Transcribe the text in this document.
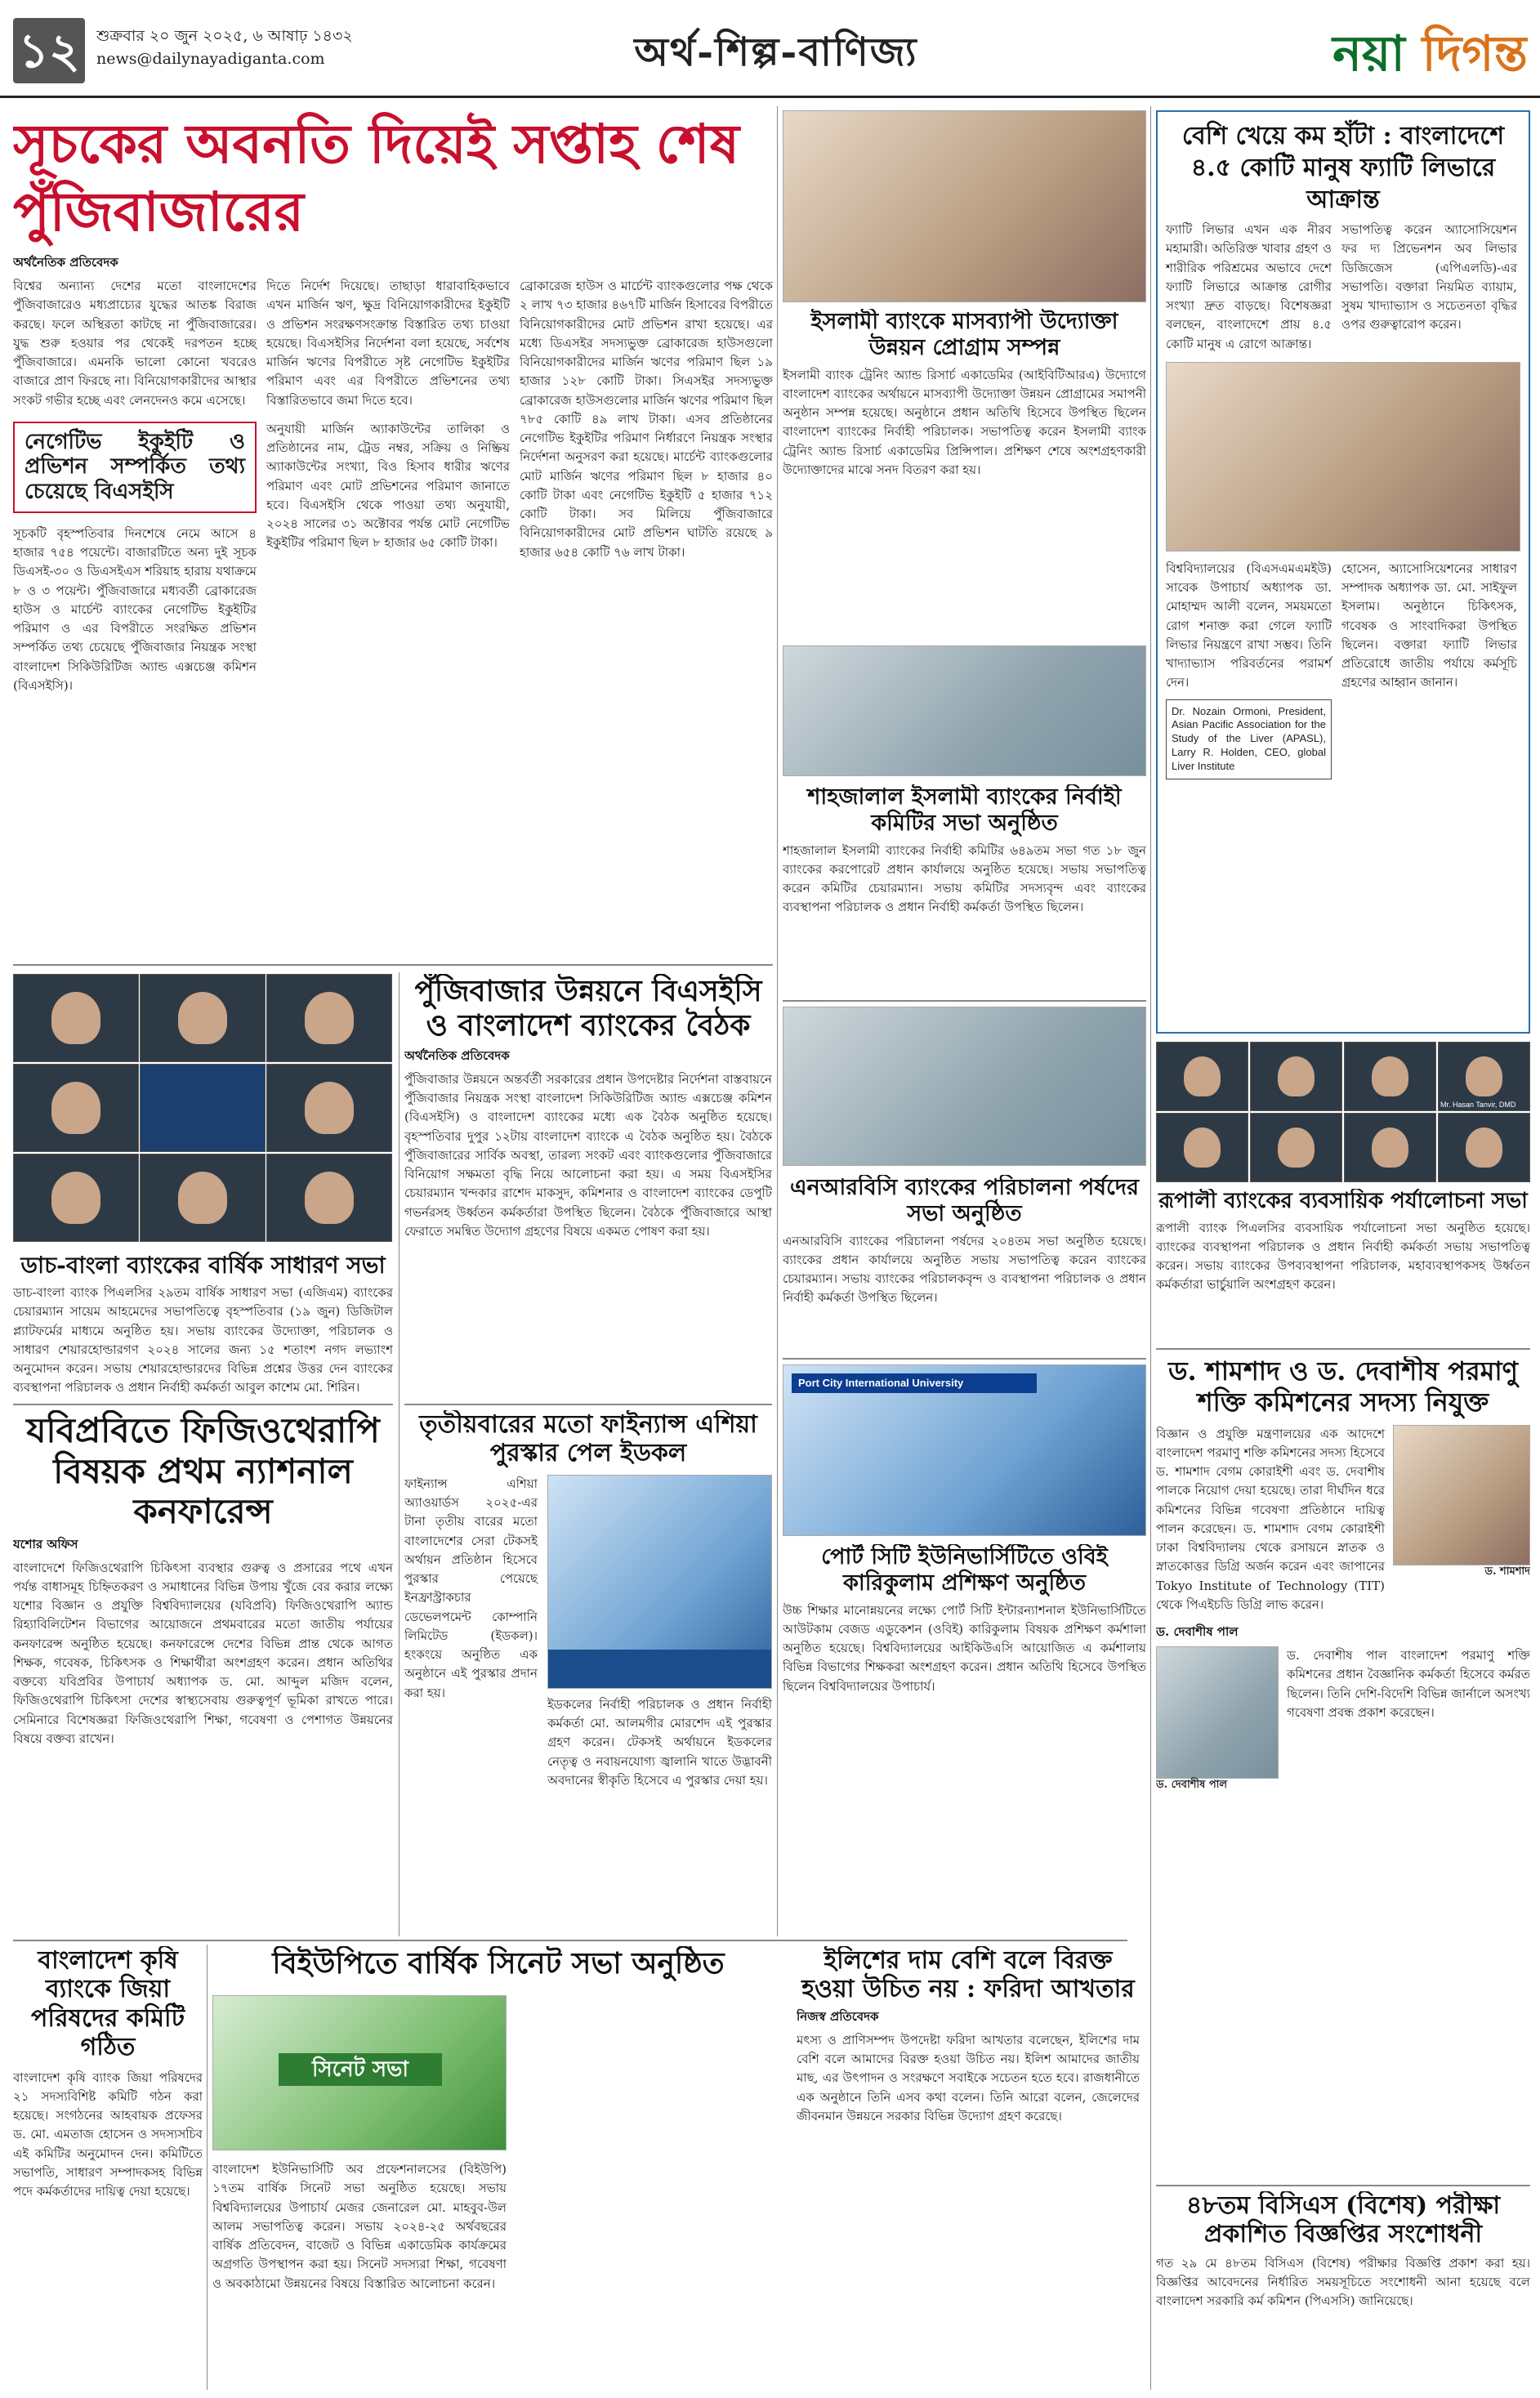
১২	শুক্রবার ২০ জুন ২০২৫, ৬ আষাঢ় ১৪৩২
news@dailynayadiganta.com	অর্থ-শিল্প-বাণিজ্য	নয়া দিগন্ত
সূচকের অবনতি দিয়েই সপ্তাহ শেষ পুঁজিবাজারের
অর্থনৈতিক প্রতিবেদক
বিশ্বের অন্যান্য দেশের মতো বাংলাদেশের পুঁজিবাজারেও মধ্যপ্রাচ্যের যুদ্ধের আতঙ্ক বিরাজ করছে। ফলে অস্থিরতা কাটছে না পুঁজিবাজারের। যুদ্ধ শুরু হওয়ার পর থেকেই দরপতন হচ্ছে পুঁজিবাজারে। এমনকি ভালো কোনো খবরেও বাজারে প্রাণ ফিরছে না। বিনিয়োগকারীদের আস্থার সংকট গভীর হচ্ছে এবং লেনদেনও কমে এসেছে।
নেগেটিভ ইকুইটি ও প্রভিশন সম্পর্কিত তথ্য চেয়েছে বিএসইসি
সূচকটি বৃহস্পতিবার দিনশেষে নেমে আসে ৪ হাজার ৭৫৪ পয়েন্টে। বাজারটিতে অন্য দুই সূচক ডিএসই-৩০ ও ডিএসইএস শরিয়াহ হারায় যথাক্রমে ৮ ও ৩ পয়েন্ট। পুঁজিবাজারে মধ্যবর্তী ব্রোকারেজ হাউস ও মার্চেন্ট ব্যাংকের নেগেটিভ ইকুইটির পরিমাণ ও এর বিপরীতে সংরক্ষিত প্রভিশন সম্পর্কিত তথ্য চেয়েছে পুঁজিবাজার নিয়ন্ত্রক সংস্থা বাংলাদেশ সিকিউরিটিজ অ্যান্ড এক্সচেঞ্জ কমিশন (বিএসইসি)।
দিতে নির্দেশ দিয়েছে। তাছাড়া ধারাবাহিকভাবে এখন মার্জিন ঋণ, ক্ষুদ্র বিনিয়োগকারীদের ইকুইটি ও প্রভিশন সংরক্ষণসংক্রান্ত বিস্তারিত তথ্য চাওয়া হয়েছে। বিএসইসির নির্দেশনা বলা হয়েছে, সর্বশেষ মার্জিন ঋণের বিপরীতে সৃষ্ট নেগেটিভ ইকুইটির পরিমাণ এবং এর বিপরীতে প্রভিশনের তথ্য বিস্তারিতভাবে জমা দিতে হবে।
অনুযায়ী মার্জিন অ্যাকাউন্টের তালিকা ও প্রতিষ্ঠানের নাম, ট্রেড নম্বর, সক্রিয় ও নিষ্ক্রিয় অ্যাকাউন্টের সংখ্যা, বিও হিসাব ধারীর ঋণের পরিমাণ এবং মোট প্রভিশনের পরিমাণ জানাতে হবে। বিএসইসি থেকে পাওয়া তথ্য অনুযায়ী, ২০২৪ সালের ৩১ অক্টোবর পর্যন্ত মোট নেগেটিভ ইকুইটির পরিমাণ ছিল ৮ হাজার ৬৫ কোটি টাকা।
ব্রোকারেজ হাউস ও মার্চেন্ট ব্যাংকগুলোর পক্ষ থেকে ২ লাখ ৭৩ হাজার ৪৬৭টি মার্জিন হিসাবের বিপরীতে বিনিয়োগকারীদের মোট প্রভিশন রাখা হয়েছে। এর মধ্যে ডিএসইর সদস্যভুক্ত ব্রোকারেজ হাউসগুলো বিনিয়োগকারীদের মার্জিন ঋণের পরিমাণ ছিল ১৯ হাজার ১২৮ কোটি টাকা। সিএসইর সদস্যভুক্ত ব্রোকারেজ হাউসগুলোর মার্জিন ঋণের পরিমাণ ছিল ৭৮৫ কোটি ৪৯ লাখ টাকা। এসব প্রতিষ্ঠানের নেগেটিভ ইকুইটির পরিমাণ নির্ধারণে নিয়ন্ত্রক সংস্থার নির্দেশনা অনুসরণ করা হয়েছে। মার্চেন্ট ব্যাংকগুলোর মোট মার্জিন ঋণের পরিমাণ ছিল ৮ হাজার ৪০ কোটি টাকা এবং নেগেটিভ ইকুইটি ৫ হাজার ৭১২ কোটি টাকা। সব মিলিয়ে পুঁজিবাজারে বিনিয়োগকারীদের মোট প্রভিশন ঘাটতি রয়েছে ৯ হাজার ৬৫৪ কোটি ৭৬ লাখ টাকা।
ডাচ-বাংলা ব্যাংকের বার্ষিক সাধারণ সভা
ডাচ-বাংলা ব্যাংক পিএলসির ২৯তম বার্ষিক সাধারণ সভা (এজিএম) ব্যাংকের চেয়ারম্যান সায়েম আহমেদের সভাপতিত্বে বৃহস্পতিবার (১৯ জুন) ডিজিটাল প্ল্যাটফর্মের মাধ্যমে অনুষ্ঠিত হয়। সভায় ব্যাংকের উদ্যোক্তা, পরিচালক ও সাধারণ শেয়ারহোল্ডারগণ ২০২৪ সালের জন্য ১৫ শতাংশ নগদ লভ্যাংশ অনুমোদন করেন। সভায় শেয়ারহোল্ডারদের বিভিন্ন প্রশ্নের উত্তর দেন ব্যাংকের ব্যবস্থাপনা পরিচালক ও প্রধান নির্বাহী কর্মকর্তা আবুল কাশেম মো. শিরিন।
যবিপ্রবিতে ফিজিওথেরাপি বিষয়ক প্রথম ন্যাশনাল কনফারেন্স
যশোর অফিস
বাংলাদেশে ফিজিওথেরাপি চিকিৎসা ব্যবস্থার গুরুত্ব ও প্রসারের পথে এখন পর্যন্ত বাধাসমূহ চিহ্নিতকরণ ও সমাধানের বিভিন্ন উপায় খুঁজে বের করার লক্ষ্যে যশোর বিজ্ঞান ও প্রযুক্তি বিশ্ববিদ্যালয়ের (যবিপ্রবি) ফিজিওথেরাপি অ্যান্ড রিহ্যাবিলিটেশন বিভাগের আয়োজনে প্রথমবারের মতো জাতীয় পর্যায়ের কনফারেন্স অনুষ্ঠিত হয়েছে। কনফারেন্সে দেশের বিভিন্ন প্রান্ত থেকে আগত শিক্ষক, গবেষক, চিকিৎসক ও শিক্ষার্থীরা অংশগ্রহণ করেন। প্রধান অতিথির বক্তব্যে যবিপ্রবির উপাচার্য অধ্যাপক ড. মো. আব্দুল মজিদ বলেন, ফিজিওথেরাপি চিকিৎসা দেশের স্বাস্থ্যসেবায় গুরুত্বপূর্ণ ভূমিকা রাখতে পারে। সেমিনারে বিশেষজ্ঞরা ফিজিওথেরাপি শিক্ষা, গবেষণা ও পেশাগত উন্নয়নের বিষয়ে বক্তব্য রাখেন।
বাংলাদেশ কৃষি ব্যাংকে জিয়া পরিষদের কমিটি গঠিত
বাংলাদেশ কৃষি ব্যাংক জিয়া পরিষদের ২১ সদস্যবিশিষ্ট কমিটি গঠন করা হয়েছে। সংগঠনের আহবায়ক প্রফেসর ড. মো. এমতাজ হোসেন ও সদস্যসচিব এই কমিটির অনুমোদন দেন। কমিটিতে সভাপতি, সাধারণ সম্পাদকসহ বিভিন্ন পদে কর্মকর্তাদের দায়িত্ব দেয়া হয়েছে।
পুঁজিবাজার উন্নয়নে বিএসইসি ও বাংলাদেশ ব্যাংকের বৈঠক
অর্থনৈতিক প্রতিবেদক
পুঁজিবাজার উন্নয়নে অন্তর্বর্তী সরকারের প্রধান উপদেষ্টার নির্দেশনা বাস্তবায়নে পুঁজিবাজার নিয়ন্ত্রক সংস্থা বাংলাদেশ সিকিউরিটিজ অ্যান্ড এক্সচেঞ্জ কমিশন (বিএসইসি) ও বাংলাদেশ ব্যাংকের মধ্যে এক বৈঠক অনুষ্ঠিত হয়েছে। বৃহস্পতিবার দুপুর ১২টায় বাংলাদেশ ব্যাংকে এ বৈঠক অনুষ্ঠিত হয়। বৈঠকে পুঁজিবাজারের সার্বিক অবস্থা, তারল্য সংকট এবং ব্যাংকগুলোর পুঁজিবাজারে বিনিয়োগ সক্ষমতা বৃদ্ধি নিয়ে আলোচনা করা হয়। এ সময় বিএসইসির চেয়ারম্যান খন্দকার রাশেদ মাকসুদ, কমিশনার ও বাংলাদেশ ব্যাংকের ডেপুটি গভর্নরসহ উর্ধ্বতন কর্মকর্তারা উপস্থিত ছিলেন। বৈঠকে পুঁজিবাজারে আস্থা ফেরাতে সমন্বিত উদ্যোগ গ্রহণের বিষয়ে একমত পোষণ করা হয়।
তৃতীয়বারের মতো ফাইন্যান্স এশিয়া পুরস্কার পেল ইডকল
ফাইন্যান্স এশিয়া অ্যাওয়ার্ডস ২০২৫-এর টানা তৃতীয় বারের মতো বাংলাদেশের সেরা টেকসই অর্থায়ন প্রতিষ্ঠান হিসেবে পুরস্কার পেয়েছে ইনফ্রাস্ট্রাকচার ডেভেলপমেন্ট কোম্পানি লিমিটেড (ইডকল)। হংকংয়ে অনুষ্ঠিত এক অনুষ্ঠানে এই পুরস্কার প্রদান করা হয়।
ইডকলের নির্বাহী পরিচালক ও প্রধান নির্বাহী কর্মকর্তা মো. আলমগীর মোরশেদ এই পুরস্কার গ্রহণ করেন। টেকসই অর্থায়নে ইডকলের নেতৃত্ব ও নবায়নযোগ্য জ্বালানি খাতে উদ্ভাবনী অবদানের স্বীকৃতি হিসেবে এ পুরস্কার দেয়া হয়।
বিইউপিতে বার্ষিক সিনেট সভা অনুষ্ঠিত
সিনেট সভা
বাংলাদেশ ইউনিভার্সিটি অব প্রফেশনালসের (বিইউপি) ১৭তম বার্ষিক সিনেট সভা অনুষ্ঠিত হয়েছে। সভায় বিশ্ববিদ্যালয়ের উপাচার্য মেজর জেনারেল মো. মাহবুব-উল আলম সভাপতিত্ব করেন। সভায় ২০২৪-২৫ অর্থবছরের বার্ষিক প্রতিবেদন, বাজেট ও বিভিন্ন একাডেমিক কার্যক্রমের অগ্রগতি উপস্থাপন করা হয়। সিনেট সদস্যরা শিক্ষা, গবেষণা ও অবকাঠামো উন্নয়নের বিষয়ে বিস্তারিত আলোচনা করেন।
ইসলামী ব্যাংকে মাসব্যাপী উদ্যোক্তা উন্নয়ন প্রোগ্রাম সম্পন্ন
ইসলামী ব্যাংক ট্রেনিং অ্যান্ড রিসার্চ একাডেমির (আইবিটিআরএ) উদ্যোগে বাংলাদেশ ব্যাংকের অর্থায়নে মাসব্যাপী উদ্যোক্তা উন্নয়ন প্রোগ্রামের সমাপনী অনুষ্ঠান সম্পন্ন হয়েছে। অনুষ্ঠানে প্রধান অতিথি হিসেবে উপস্থিত ছিলেন বাংলাদেশ ব্যাংকের নির্বাহী পরিচালক। সভাপতিত্ব করেন ইসলামী ব্যাংক ট্রেনিং অ্যান্ড রিসার্চ একাডেমির প্রিন্সিপাল। প্রশিক্ষণ শেষে অংশগ্রহণকারী উদ্যোক্তাদের মাঝে সনদ বিতরণ করা হয়।
শাহজালাল ইসলামী ব্যাংকের নির্বাহী কমিটির সভা অনুষ্ঠিত
শাহজালাল ইসলামী ব্যাংকের নির্বাহী কমিটির ৬৪৯তম সভা গত ১৮ জুন ব্যাংকের করপোরেট প্রধান কার্যালয়ে অনুষ্ঠিত হয়েছে। সভায় সভাপতিত্ব করেন কমিটির চেয়ারম্যান। সভায় কমিটির সদস্যবৃন্দ এবং ব্যাংকের ব্যবস্থাপনা পরিচালক ও প্রধান নির্বাহী কর্মকর্তা উপস্থিত ছিলেন।
এনআরবিসি ব্যাংকের পরিচালনা পর্ষদের সভা অনুষ্ঠিত
এনআরবিসি ব্যাংকের পরিচালনা পর্ষদের ২০৪তম সভা অনুষ্ঠিত হয়েছে। ব্যাংকের প্রধান কার্যালয়ে অনুষ্ঠিত সভায় সভাপতিত্ব করেন ব্যাংকের চেয়ারম্যান। সভায় ব্যাংকের পরিচালকবৃন্দ ও ব্যবস্থাপনা পরিচালক ও প্রধান নির্বাহী কর্মকর্তা উপস্থিত ছিলেন।
Port City International University
পোর্ট সিটি ইউনিভার্সিটিতে ওবিই কারিকুলাম প্রশিক্ষণ অনুষ্ঠিত
উচ্চ শিক্ষার মানোন্নয়নের লক্ষ্যে পোর্ট সিটি ইন্টারন্যাশনাল ইউনিভার্সিটিতে আউটকাম বেজড এডুকেশন (ওবিই) কারিকুলাম বিষয়ক প্রশিক্ষণ কর্মশালা অনুষ্ঠিত হয়েছে। বিশ্ববিদ্যালয়ের আইকিউএসি আয়োজিত এ কর্মশালায় বিভিন্ন বিভাগের শিক্ষকরা অংশগ্রহণ করেন। প্রধান অতিথি হিসেবে উপস্থিত ছিলেন বিশ্ববিদ্যালয়ের উপাচার্য।
ইলিশের দাম বেশি বলে বিরক্ত হওয়া উচিত নয় : ফরিদা আখতার
নিজস্ব প্রতিবেদক
মৎস্য ও প্রাণিসম্পদ উপদেষ্টা ফরিদা আখতার বলেছেন, ইলিশের দাম বেশি বলে আমাদের বিরক্ত হওয়া উচিত নয়। ইলিশ আমাদের জাতীয় মাছ, এর উৎপাদন ও সংরক্ষণে সবাইকে সচেতন হতে হবে। রাজধানীতে এক অনুষ্ঠানে তিনি এসব কথা বলেন। তিনি আরো বলেন, জেলেদের জীবনমান উন্নয়নে সরকার বিভিন্ন উদ্যোগ গ্রহণ করেছে।
বেশি খেয়ে কম হাঁটা : বাংলাদেশে ৪.৫ কোটি মানুষ ফ্যাটি লিভারে আক্রান্ত
ফ্যাটি লিভার এখন এক নীরব মহামারী। অতিরিক্ত খাবার গ্রহণ ও শারীরিক পরিশ্রমের অভাবে দেশে ফ্যাটি লিভারে আক্রান্ত রোগীর সংখ্যা দ্রুত বাড়ছে। বিশেষজ্ঞরা বলছেন, বাংলাদেশে প্রায় ৪.৫ কোটি মানুষ এ রোগে আক্রান্ত।
সভাপতিত্ব করেন অ্যাসোসিয়েশন ফর দ্য প্রিভেনশন অব লিভার ডিজিজেস (এপিএলডি)-এর সভাপতি। বক্তারা নিয়মিত ব্যায়াম, সুষম খাদ্যাভ্যাস ও সচেতনতা বৃদ্ধির ওপর গুরুত্বারোপ করেন।
বিশ্ববিদ্যালয়ের (বিএসএমএমইউ) সাবেক উপাচার্য অধ্যাপক ডা. মোহাম্মদ আলী বলেন, সময়মতো রোগ শনাক্ত করা গেলে ফ্যাটি লিভার নিয়ন্ত্রণে রাখা সম্ভব। তিনি খাদ্যাভ্যাস পরিবর্তনের পরামর্শ দেন।
Dr. Nozain Ormoni, President, Asian Pacific Association for the Study of the Liver (APASL), Larry R. Holden, CEO, global Liver Institute
হোসেন, অ্যাসোসিয়েশনের সাধারণ সম্পাদক অধ্যাপক ডা. মো. সাইফুল ইসলাম। অনুষ্ঠানে চিকিৎসক, গবেষক ও সাংবাদিকরা উপস্থিত ছিলেন। বক্তারা ফ্যাটি লিভার প্রতিরোধে জাতীয় পর্যায়ে কর্মসূচি গ্রহণের আহ্বান জানান।
Mr. Hasan Tanvir, DMD
রূপালী ব্যাংকের ব্যবসায়িক পর্যালোচনা সভা
রূপালী ব্যাংক পিএলসির ব্যবসায়িক পর্যালোচনা সভা অনুষ্ঠিত হয়েছে। ব্যাংকের ব্যবস্থাপনা পরিচালক ও প্রধান নির্বাহী কর্মকর্তা সভায় সভাপতিত্ব করেন। সভায় ব্যাংকের উপব্যবস্থাপনা পরিচালক, মহাব্যবস্থাপকসহ উর্ধ্বতন কর্মকর্তারা ভার্চুয়ালি অংশগ্রহণ করেন।
ড. শামশাদ ও ড. দেবাশীষ পরমাণু শক্তি কমিশনের সদস্য নিযুক্ত
ড. শামশাদ
বিজ্ঞান ও প্রযুক্তি মন্ত্রণালয়ের এক আদেশে বাংলাদেশ পরমাণু শক্তি কমিশনের সদস্য হিসেবে ড. শামশাদ বেগম কোরাইশী এবং ড. দেবাশীষ পালকে নিয়োগ দেয়া হয়েছে। তারা দীর্ঘদিন ধরে কমিশনের বিভিন্ন গবেষণা প্রতিষ্ঠানে দায়িত্ব পালন করেছেন। ড. শামশাদ বেগম কোরাইশী ঢাকা বিশ্ববিদ্যালয় থেকে রসায়নে স্নাতক ও স্নাতকোত্তর ডিগ্রি অর্জন করেন এবং জাপানের Tokyo Institute of Technology (TIT) থেকে পিএইচডি ডিগ্রি লাভ করেন।
ড. দেবাশীষ পাল
ড. দেবাশীষ পাল
ড. দেবাশীষ পাল বাংলাদেশ পরমাণু শক্তি কমিশনের প্রধান বৈজ্ঞানিক কর্মকর্তা হিসেবে কর্মরত ছিলেন। তিনি দেশি-বিদেশি বিভিন্ন জার্নালে অসংখ্য গবেষণা প্রবন্ধ প্রকাশ করেছেন।
৪৮তম বিসিএস (বিশেষ) পরীক্ষা প্রকাশিত বিজ্ঞপ্তির সংশোধনী
গত ২৯ মে ৪৮তম বিসিএস (বিশেষ) পরীক্ষার বিজ্ঞপ্তি প্রকাশ করা হয়। বিজ্ঞপ্তির আবেদনের নির্ধারিত সময়সূচিতে সংশোধনী আনা হয়েছে বলে বাংলাদেশ সরকারি কর্ম কমিশন (পিএসসি) জানিয়েছে।
